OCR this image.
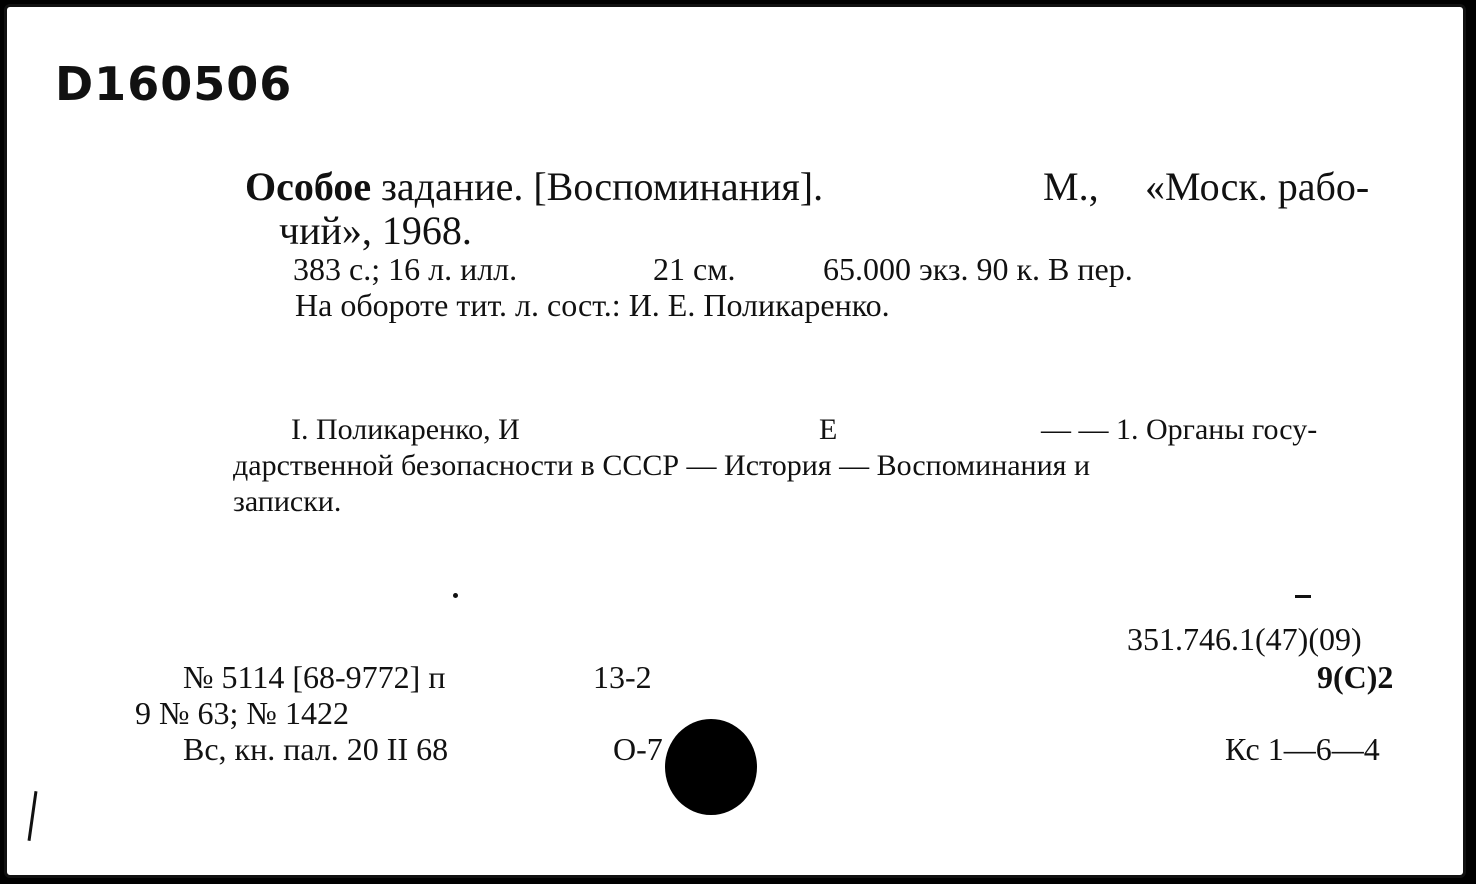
D160506
Особое задание. [Воспоминания].	М., «Моск. рабо-
чий», 1968.
383 с.; 16 л. илл.	21 см.	65.000 экз. 90 к. В пер.
На обороте тит. л. сост.: И. Е. Поликаренко.
I. Поликаренко, И	Е	— — 1. Органы госу-
дарственной безопасности в СССР — История — Воспоминания и
записки.
351.746.1(47)(09)
9(С)2
№ 5114 [68-9772] п	13-2
9 № 63; № 1422
Вс, кн. пал. 20 II 68	О-7	Кс 1—6—4
